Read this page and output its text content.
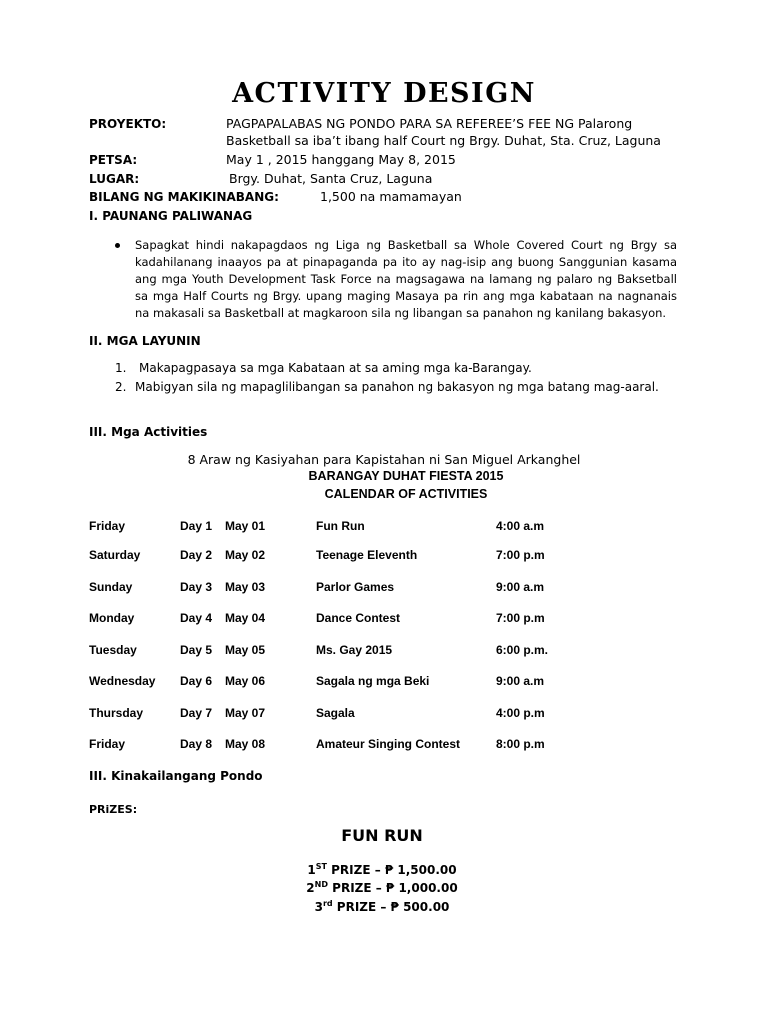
ACTIVITY DESIGN
PROYEKTO:	PAGPAPALABAS NG PONDO PARA SA REFEREE’S FEE NG Palarong
Basketball sa iba’t ibang half Court ng Brgy. Duhat, Sta. Cruz, Laguna
PETSA:	May 1 , 2015 hanggang May 8, 2015
LUGAR:	Brgy. Duhat, Santa Cruz, Laguna
BILANG NG MAKIKINABANG:	1,500 na mamamayan
I. PAUNANG PALIWANAG
Sapagkat hindi nakapagdaos ng Liga ng Basketball sa Whole Covered Court ng Brgy sa kadahilanang inaayos pa at pinapaganda pa ito ay nag-isip ang buong Sanggunian kasama ang mga Youth Development Task Force na magsagawa na lamang ng palaro ng Baksetball sa mga Half Courts ng Brgy. upang maging Masaya pa rin ang mga kabataan na nagnanais na makasali sa Basketball at magkaroon sila ng libangan sa panahon ng kanilang bakasyon.
II. MGA LAYUNIN
1. Makapagpasaya sa mga Kabataan at sa aming mga ka-Barangay.
2. Mabigyan sila ng mapaglilibangan sa panahon ng bakasyon ng mga batang mag-aaral.
III. Mga Activities
8 Araw ng Kasiyahan para Kapistahan ni San Miguel Arkanghel
BARANGAY DUHAT FIESTA 2015
CALENDAR OF ACTIVITIES
Friday	Day 1 May 01	Fun Run	4:00 a.m
Saturday	Day 2 May 02	Teenage Eleventh	7:00 p.m
Sunday	Day 3 May 03	Parlor Games	9:00 a.m
Monday	Day 4 May 04	Dance Contest	7:00 p.m
Tuesday	Day 5 May 05	Ms. Gay 2015	6:00 p.m.
Wednesday Day 6 May 06	Sagala ng mga Beki	9:00 a.m
Thursday	Day 7 May 07	Sagala	4:00 p.m
Friday	Day 8 May 08	Amateur Singing Contest	8:00 p.m
III. Kinakailangang Pondo
PRiZES:
FUN RUN
1ST PRIZE – ₱ 1,500.00
2ND PRIZE – ₱ 1,000.00
3rd PRIZE – ₱ 500.00
